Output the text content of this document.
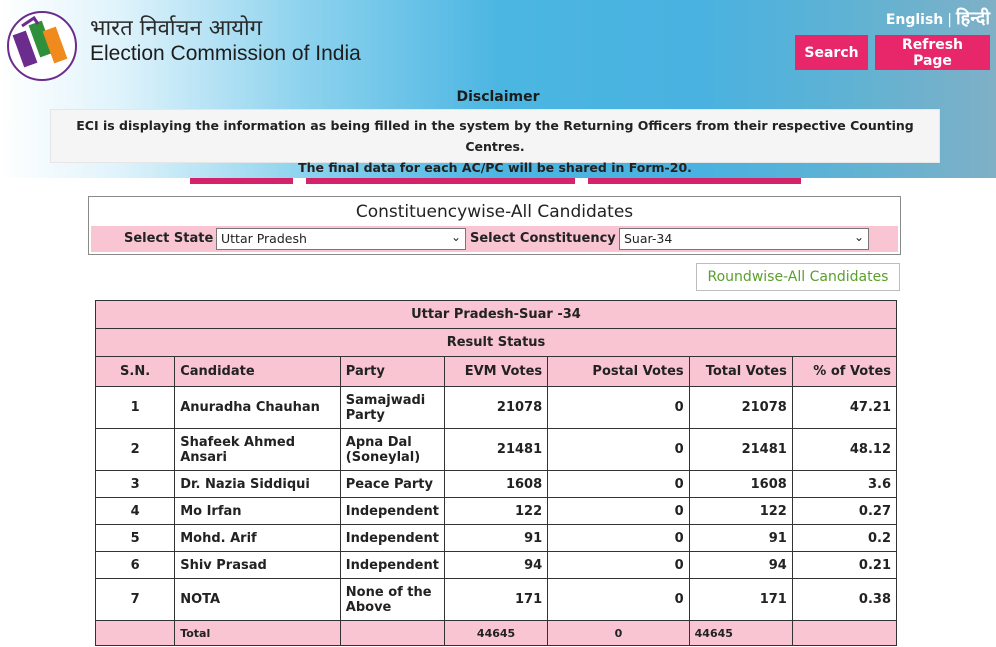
भारत निर्वाचन आयोग
Election Commission of India
English | हिन्दी
Search	Refresh Page
Disclaimer
ECI is displaying the information as being filled in the system by the Returning Officers from their respective Counting Centres.
The final data for each AC/PC will be shared in Form-20.
Constituencywise-All Candidates
Select State Uttar Pradesh	⌄ Select Constituency Suar-34	⌄
Roundwise-All Candidates
Uttar Pradesh-Suar -34						
Result Status						
S.N.	Candidate	Party	EVM Votes	Postal Votes	Total Votes	% of Votes
1	Anuradha Chauhan	Samajwadi Party	21078	0	21078	47.21
2	Shafeek Ahmed Ansari	Apna Dal (Soneylal)	21481	0	21481	48.12
3	Dr. Nazia Siddiqui	Peace Party	1608	0	1608	3.6
4	Mo Irfan	Independent	122	0	122	0.27
5	Mohd. Arif	Independent	91	0	91	0.2
6	Shiv Prasad	Independent	94	0	94	0.21
7	NOTA	None of the Above	171	0	171	0.38
	Total		44645	0	44645	
